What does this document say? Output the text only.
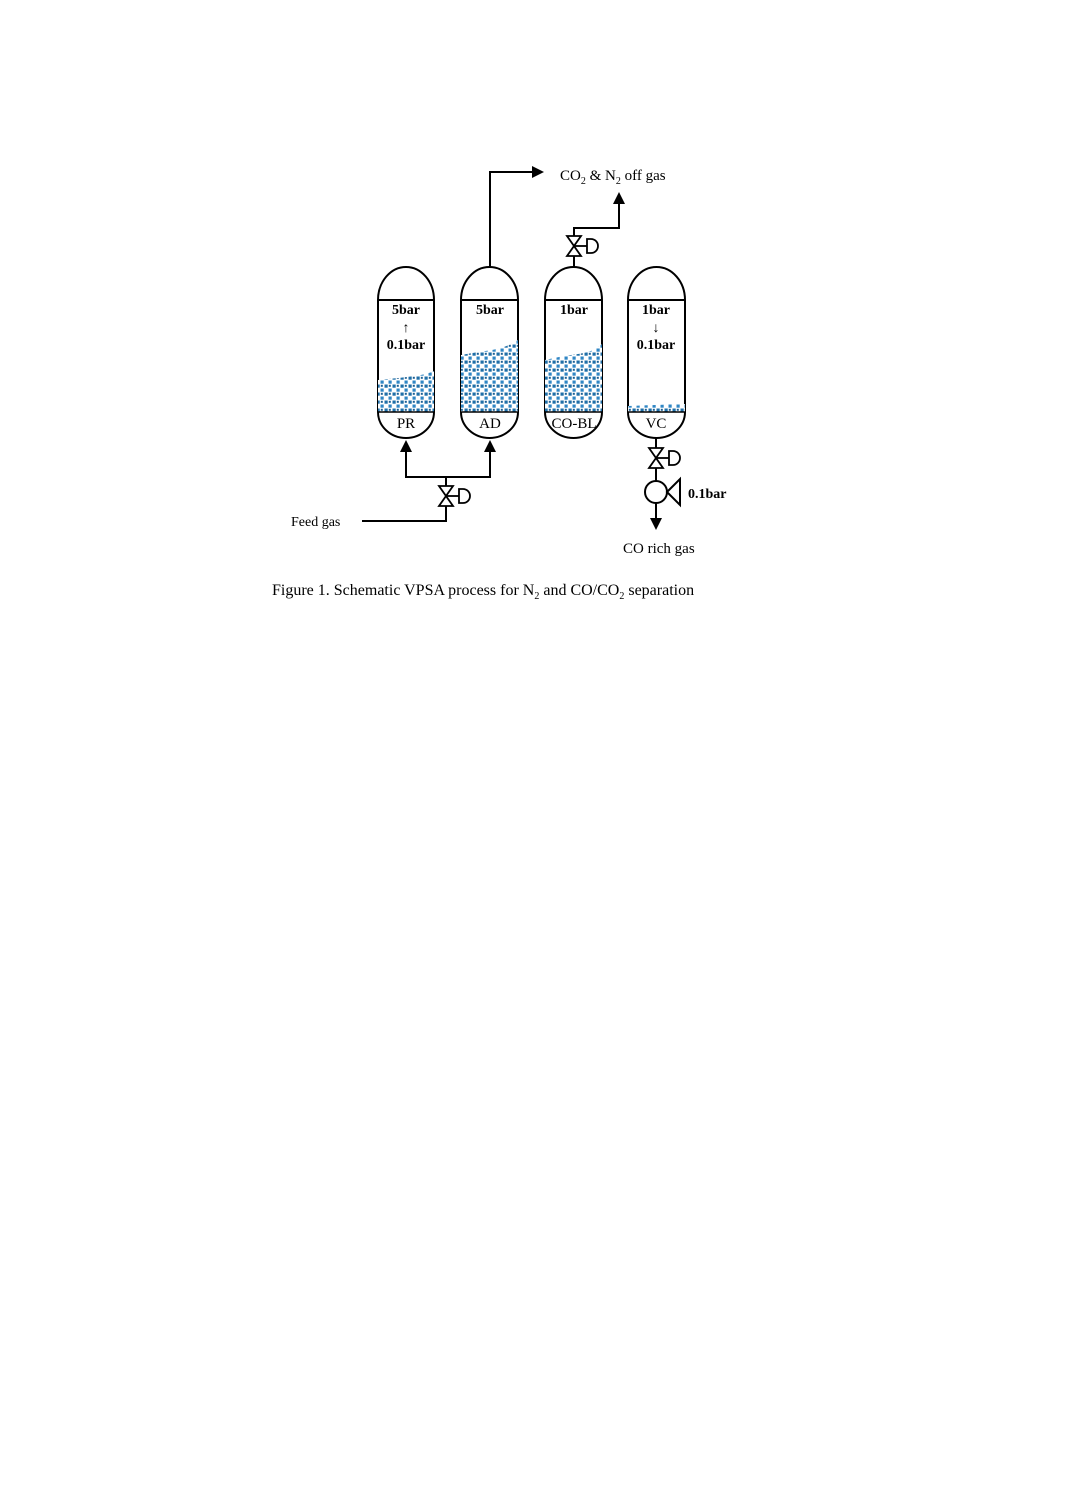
5bar
↑
0.1bar
PR
5bar
AD
1bar
CO-BL
1bar
↓
0.1bar
VC
$CO_2$ & $N_2$ off gas
Feed gas
0.1bar
CO rich gas
Figure 1. Schematic VPSA process for $N_2$ and $CO/CO_2$ separation
